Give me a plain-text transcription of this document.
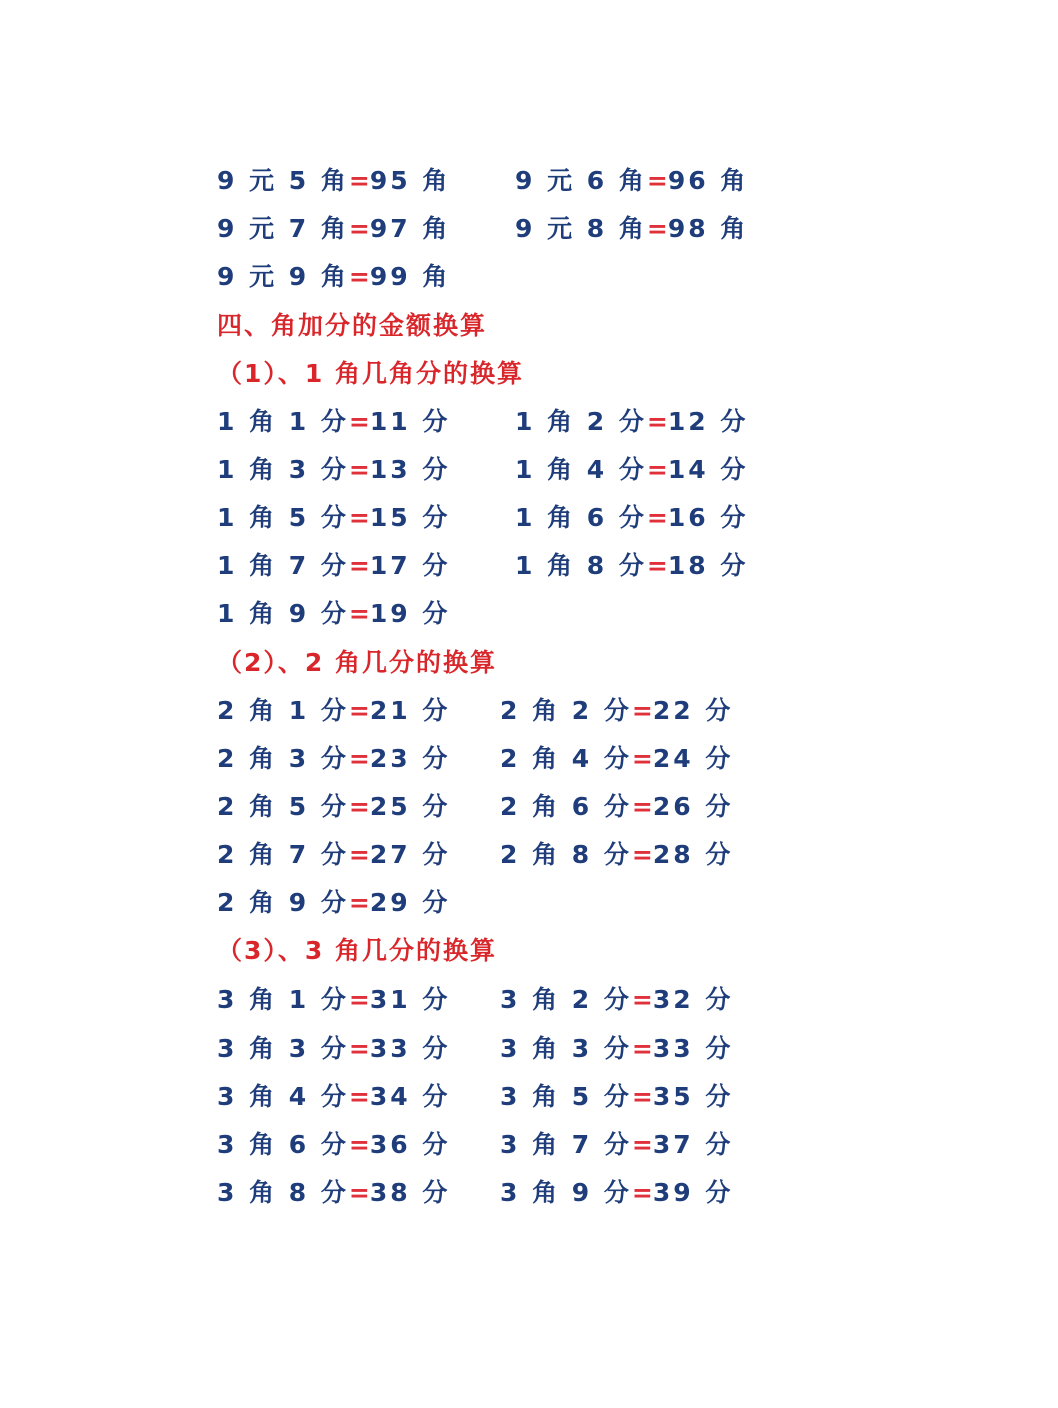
9 元 5 角=95 角	9 元 6 角=96 角
9 元 7 角=97 角	9 元 8 角=98 角
9 元 9 角=99 角
四、角加分的金额换算
（1）、1 角几角分的换算
1 角 1 分=11 分	1 角 2 分=12 分
1 角 3 分=13 分	1 角 4 分=14 分
1 角 5 分=15 分	1 角 6 分=16 分
1 角 7 分=17 分	1 角 8 分=18 分
1 角 9 分=19 分
（2）、2 角几分的换算
2 角 1 分=21 分 2 角 2 分=22 分
2 角 3 分=23 分 2 角 4 分=24 分
2 角 5 分=25 分 2 角 6 分=26 分
2 角 7 分=27 分 2 角 8 分=28 分
2 角 9 分=29 分
（3）、3 角几分的换算
3 角 1 分=31 分 3 角 2 分=32 分
3 角 3 分=33 分 3 角 3 分=33 分
3 角 4 分=34 分 3 角 5 分=35 分
3 角 6 分=36 分 3 角 7 分=37 分
3 角 8 分=38 分 3 角 9 分=39 分
